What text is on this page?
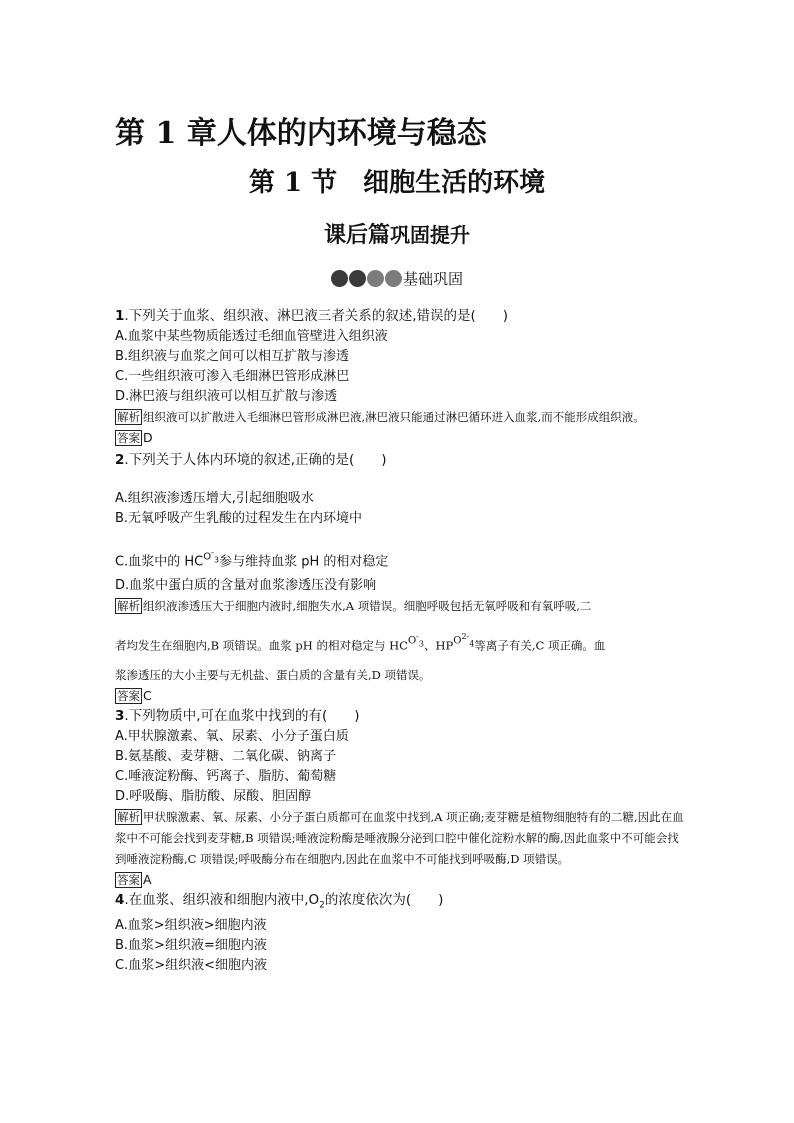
第 1 章人体的内环境与稳态
第 1 节　细胞生活的环境
课后篇巩固提升
基础巩固
1.下列关于血浆、组织液、淋巴液三者关系的叙述,错误的是(　　)
A.血浆中某些物质能透过毛细血管壁进入组织液
B.组织液与血浆之间可以相互扩散与渗透
C.一些组织液可渗入毛细淋巴管形成淋巴
D.淋巴液与组织液可以相互扩散与渗透
解析 组织液可以扩散进入毛细淋巴管形成淋巴液,淋巴液只能通过淋巴循环进入血浆,而不能形成组织液。
答案 D
2.下列关于人体内环境的叙述,正确的是(　　)
A.组织液渗透压增大,引起细胞吸水
B.无氧呼吸产生乳酸的过程发生在内环境中
C.血浆中的 $HCO^-_3$参与维持血浆 pH 的相对稳定
D.血浆中蛋白质的含量对血浆渗透压没有影响
解析 组织液渗透压大于细胞内液时,细胞失水,A 项错误。细胞呼吸包括无氧呼吸和有氧呼吸,二
者均发生在细胞内,B 项错误。血浆 pH 的相对稳定与 $HCO^-_3$、$HPO^{2-}_4$等离子有关,C 项正确。血
浆渗透压的大小主要与无机盐、蛋白质的含量有关,D 项错误。
答案 C
3.下列物质中,可在血浆中找到的有(　　)
A.甲状腺激素、氧、尿素、小分子蛋白质
B.氨基酸、麦芽糖、二氧化碳、钠离子
C.唾液淀粉酶、钙离子、脂肪、葡萄糖
D.呼吸酶、脂肪酸、尿酸、胆固醇
解析 甲状腺激素、氧、尿素、小分子蛋白质都可在血浆中找到,A 项正确;麦芽糖是植物细胞特有的二糖,因此在血浆中不可能会找到麦芽糖,B 项错误;唾液淀粉酶是唾液腺分泌到口腔中催化淀粉水解的酶,因此血浆中不可能会找到唾液淀粉酶,C 项错误;呼吸酶分布在细胞内,因此在血浆中不可能找到呼吸酶,D 项错误。
答案 A
4.在血浆、组织液和细胞内液中$,O_2$的浓度依次为(　　)
A.血浆>组织液>细胞内液
B.血浆>组织液=细胞内液
C.血浆>组织液<细胞内液
